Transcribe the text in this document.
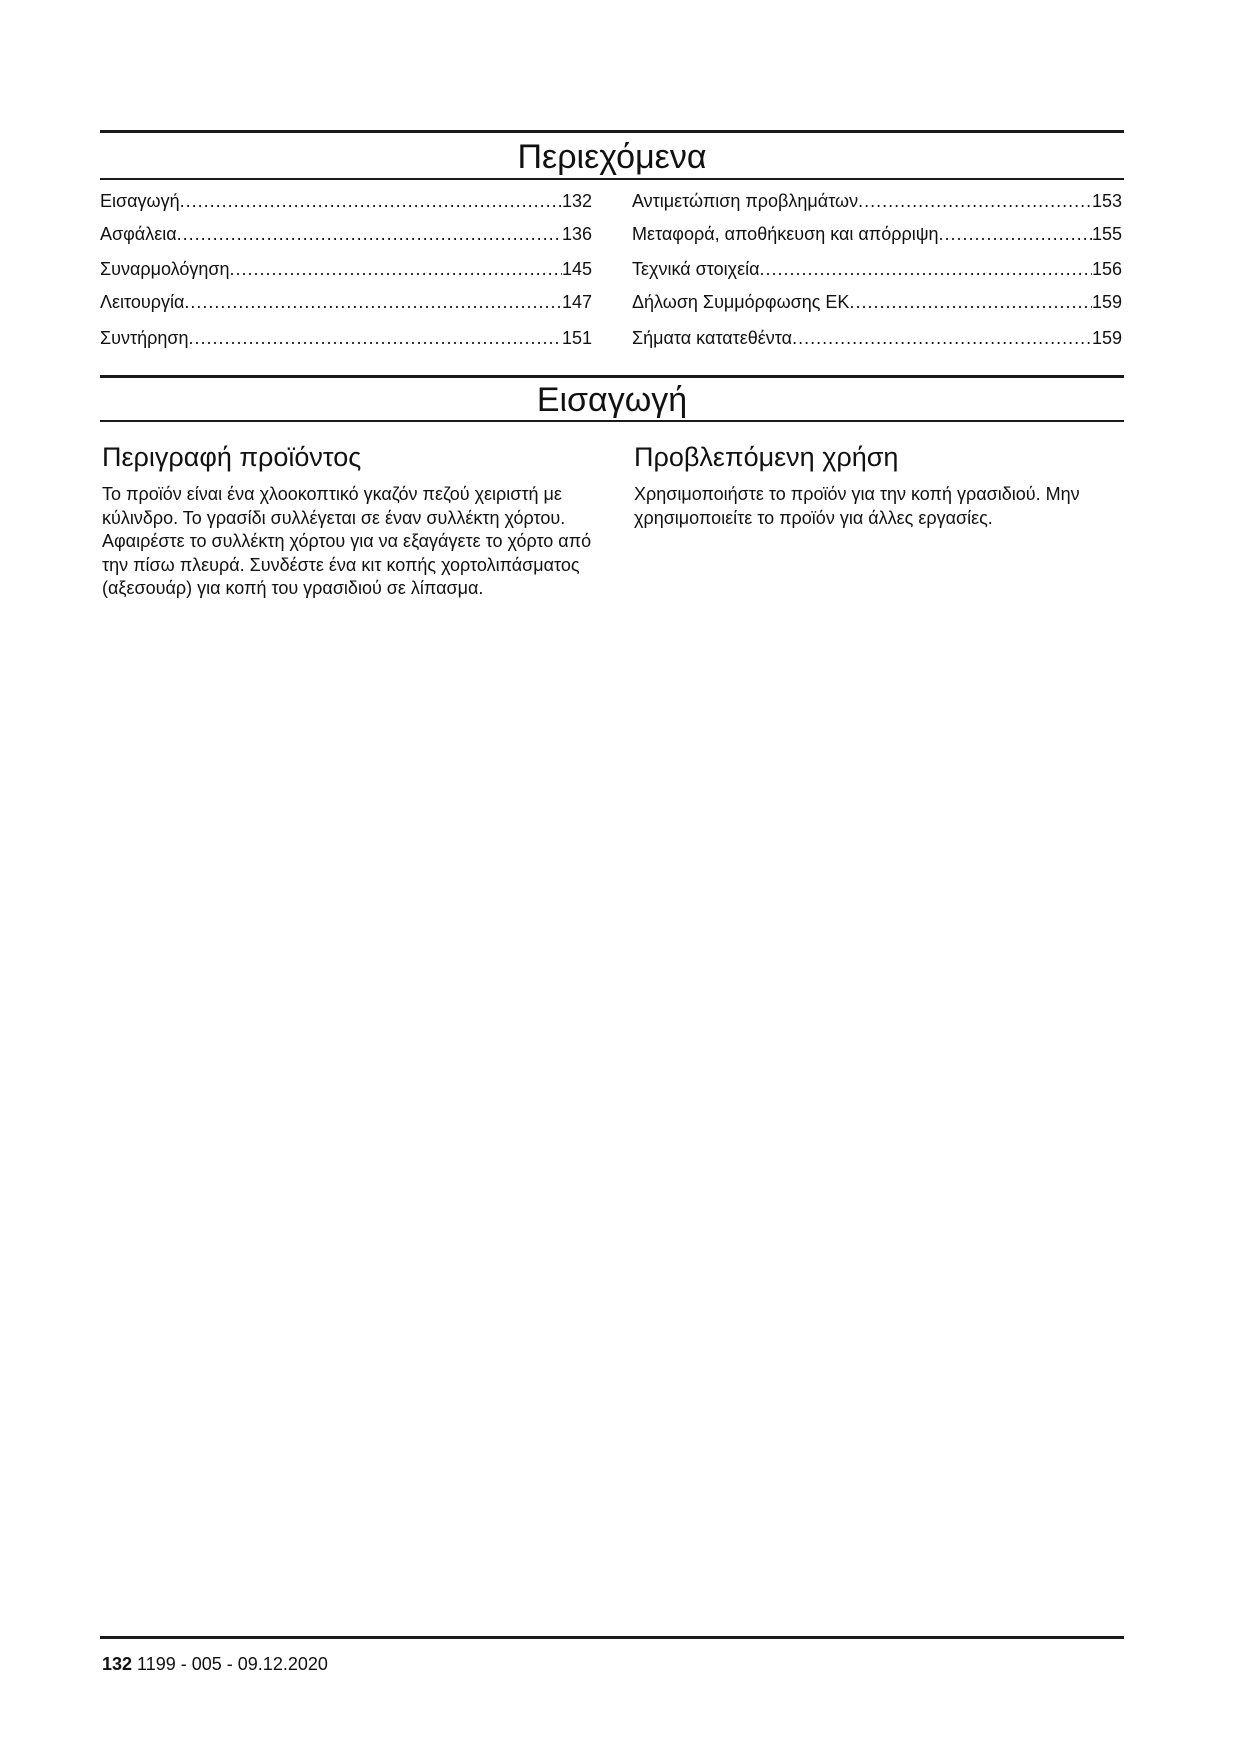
Περιεχόμενα
Εισαγωγή .....	132
Ασφάλεια .....	136
Συναρμολόγηση .....	145
Λειτουργία .....	147
Συντήρηση .....	151
Αντιμετώπιση προβλημάτων .....	153
Μεταφορά, αποθήκευση και απόρριψη .....	155
Τεχνικά στοιχεία .....	156
Δήλωση Συμμόρφωσης ΕΚ .....	159
Σήματα κατατεθέντα .....	159
Εισαγωγή
Περιγραφή προϊόντος

Το προϊόν είναι ένα χλοοκοπτικό γκαζόν πεζού χειριστή με κύλινδρο. Το γρασίδι συλλέγεται σε έναν συλλέκτη χόρτου. Αφαιρέστε το συλλέκτη χόρτου για να εξαγάγετε το χόρτο από την πίσω πλευρά. Συνδέστε ένα κιτ κοπής χορτολιπάσματος (αξεσουάρ) για κοπή του γρασιδιού σε λίπασμα.

Προβλεπόμενη χρήση

Χρησιμοποιήστε το προϊόν για την κοπή γρασιδιού. Μην χρησιμοποιείτε το προϊόν για άλλες εργασίες.

132 1199 - 005 - 09.12.2020
